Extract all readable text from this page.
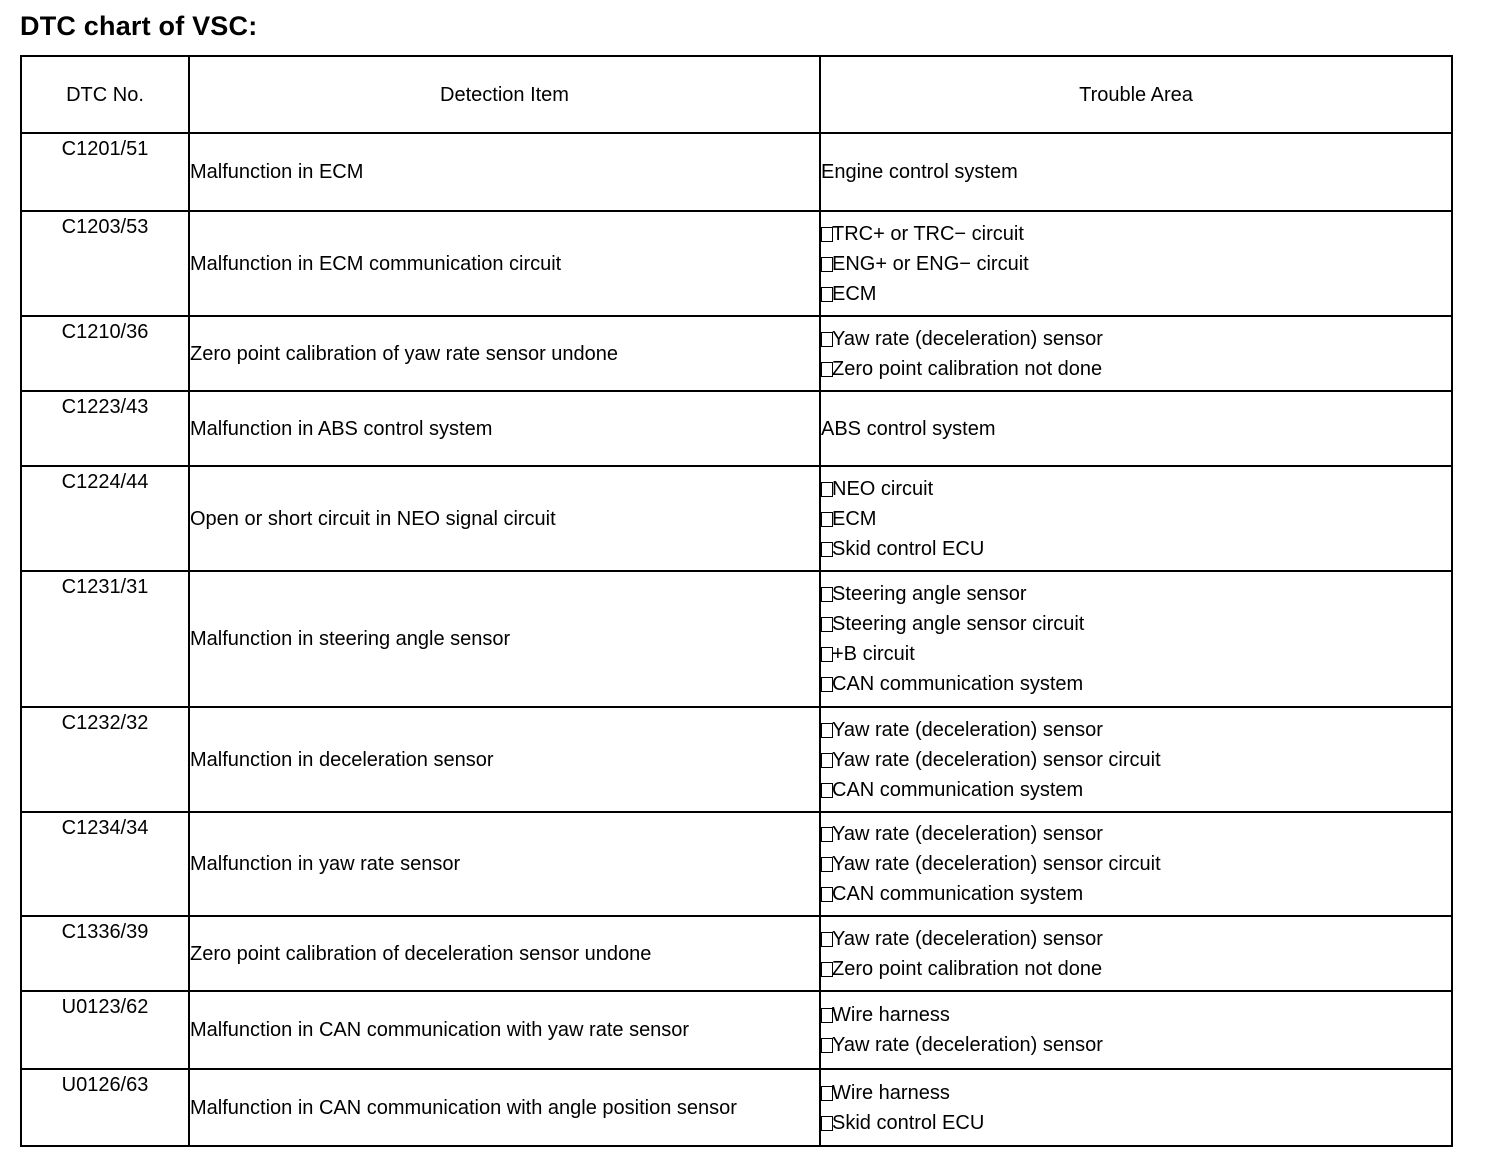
DTC chart of VSC:
DTC No.	Detection Item	Trouble Area
C1201/51	Malfunction in ECM	Engine control system

C1203/53	Malfunction in ECM communication circuit	TRC+ or TRC− circuit
ENG+ or ENG− circuit
ECM

C1210/36	Zero point calibration of yaw rate sensor undone	Yaw rate (deceleration) sensor
Zero point calibration not done

C1223/43	Malfunction in ABS control system	ABS control system

C1224/44	Open or short circuit in NEO signal circuit	NEO circuit
ECM
Skid control ECU

C1231/31	Malfunction in steering angle sensor	Steering angle sensor
Steering angle sensor circuit
+B circuit
CAN communication system

C1232/32	Malfunction in deceleration sensor	Yaw rate (deceleration) sensor
Yaw rate (deceleration) sensor circuit
CAN communication system

C1234/34	Malfunction in yaw rate sensor	Yaw rate (deceleration) sensor
Yaw rate (deceleration) sensor circuit
CAN communication system

C1336/39	Zero point calibration of deceleration sensor undone	Yaw rate (deceleration) sensor
Zero point calibration not done

U0123/62	Malfunction in CAN communication with yaw rate sensor	Wire harness
Yaw rate (deceleration) sensor

U0126/63	Malfunction in CAN communication with angle position sensor	Wire harness
Skid control ECU
